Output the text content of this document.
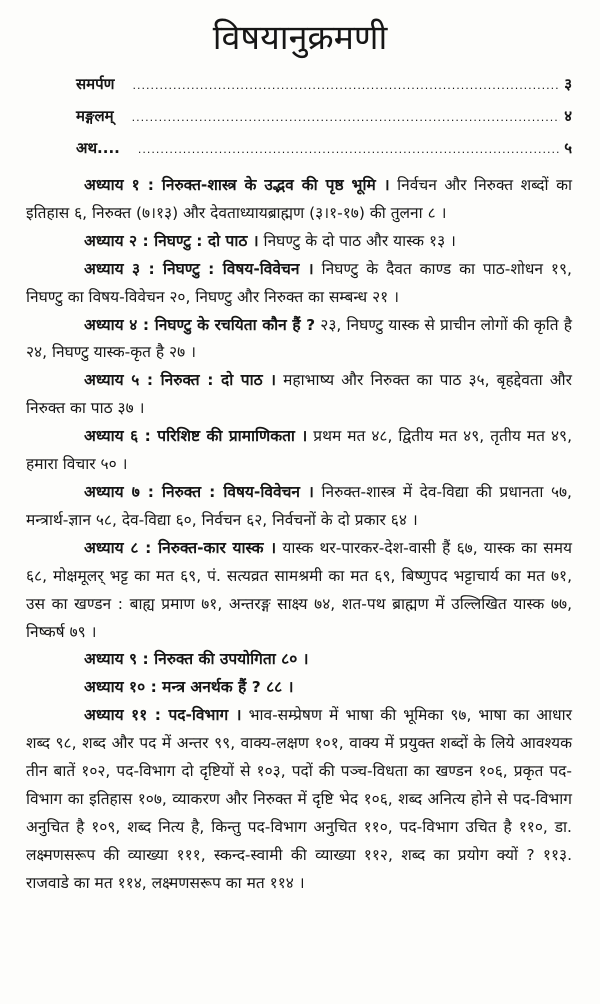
विषयानुक्रमणी
समर्पण .....	३
मङ्गलम् .....	४
अथ.... .....	५

अध्याय १ : निरुक्त-शास्त्र के उद्भव की पृष्ठ भूमि । निर्वचन और निरुक्त शब्दों का इतिहास ६, निरुक्त (७।१३) और देवताध्यायब्राह्मण (३।१-१७) की तुलना ८ ।

अध्याय २ : निघण्टु : दो पाठ । निघण्टु के दो पाठ और यास्क १३ ।

अध्याय ३ : निघण्टु : विषय-विवेचन । निघण्टु के दैवत काण्ड का पाठ-शोधन १९, निघण्टु का विषय-विवेचन २०, निघण्टु और निरुक्त का सम्बन्ध २१ ।

अध्याय ४ : निघण्टु के रचयिता कौन हैं ? २३, निघण्टु यास्क से प्राचीन लोगों की कृति है २४, निघण्टु यास्क-कृत है २७ ।

अध्याय ५ : निरुक्त : दो पाठ । महाभाष्य और निरुक्त का पाठ ३५, बृहद्देवता और निरुक्त का पाठ ३७ ।

अध्याय ६ : परिशिष्ट की प्रामाणिकता । प्रथम मत ४८, द्वितीय मत ४९, तृतीय मत ४९, हमारा विचार ५० ।

अध्याय ७ : निरुक्त : विषय-विवेचन । निरुक्त-शास्त्र में देव-विद्या की प्रधानता ५७, मन्त्रार्थ-ज्ञान ५८, देव-विद्या ६०, निर्वचन ६२, निर्वचनों के दो प्रकार ६४ ।

अध्याय ८ : निरुक्त-कार यास्क । यास्क थर-पारकर-देश-वासी हैं ६७, यास्क का समय ६८, मोक्षमूलर् भट्ट का मत ६९, पं. सत्यव्रत सामश्रमी का मत ६९, बिष्णुपद भट्टाचार्य का मत ७१, उस का खण्डन : बाह्य प्रमाण ७१, अन्तरङ्ग साक्ष्य ७४, शत-पथ ब्राह्मण में उल्लिखित यास्क ७७, निष्कर्ष ७९ ।

अध्याय ९ : निरुक्त की उपयोगिता ८० ।

अध्याय १० : मन्त्र अनर्थक हैं ? ८८ ।

अध्याय ११ : पद-विभाग । भाव-सम्प्रेषण में भाषा की भूमिका ९७, भाषा का आधार शब्द ९८, शब्द और पद में अन्तर ९९, वाक्य-लक्षण १०१, वाक्य में प्रयुक्त शब्दों के लिये आवश्यक तीन बातें १०२, पद-विभाग दो दृष्टियों से १०३, पदों की पञ्च-विधता का खण्डन १०६, प्रकृत पद-विभाग का इतिहास १०७, व्याकरण और निरुक्त में दृष्टि भेद १०६, शब्द अनित्य होने से पद-विभाग अनुचित है १०९, शब्द नित्य है, किन्तु पद-विभाग अनुचित ११०, पद-विभाग उचित है ११०, डा. लक्ष्मणसरूप की व्याख्या १११, स्कन्द-स्वामी की व्याख्या ११२, शब्द का प्रयोग क्यों ? ११३. राजवाडे का मत ११४, लक्ष्मणसरूप का मत ११४ ।
